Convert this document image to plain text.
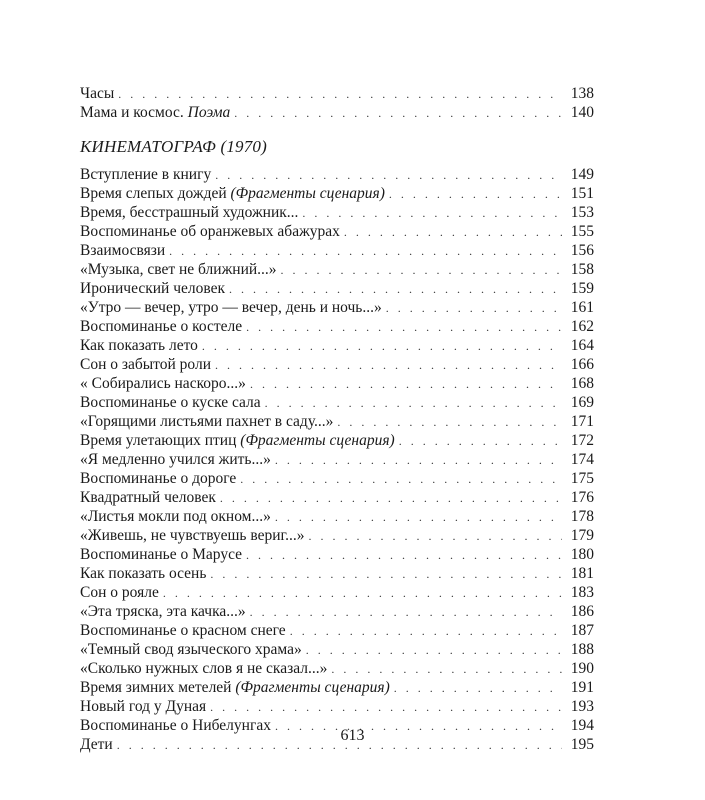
Часы . . .	138
Мама и космос. Поэма . . .	140
КИНЕМАТОГРАФ (1970)
Вступление в книгу . . .	149
Время слепых дождей (Фрагменты сценария) . . .	151
Время, бесстрашный художник... . . .	153
Воспоминанье об оранжевых абажурах . . .	155
Взаимосвязи . . .	156
«Музыка, свет не ближний...» . . .	158
Иронический человек . . .	159
«Утро — вечер, утро — вечер, день и ночь...» . . .	161
Воспоминанье о костеле . . .	162
Как показать лето . . .	164
Сон о забытой роли . . .	166
« Собирались наскоро...» . . .	168
Воспоминанье о куске сала . . .	169
«Горящими листьями пахнет в саду...» . . .	171
Время улетающих птиц (Фрагменты сценария) . . .	172
«Я медленно учился жить...» . . .	174
Воспоминанье о дороге . . .	175
Квадратный человек . . .	176
«Листья мокли под окном...» . . .	178
«Живешь, не чувствуешь вериг...» . . .	179
Воспоминанье о Марусе . . .	180
Как показать осень . . .	181
Сон о рояле . . .	183
«Эта тряска, эта качка...» . . .	186
Воспоминанье о красном снеге . . .	187
«Темный свод языческого храма» . . .	188
«Сколько нужных слов я не сказал...» . . .	190
Время зимних метелей (Фрагменты сценария) . . .	191
Новый год у Дуная . . .	193
Воспоминанье о Нибелунгах . . .	194
Дети . . .	195
613
